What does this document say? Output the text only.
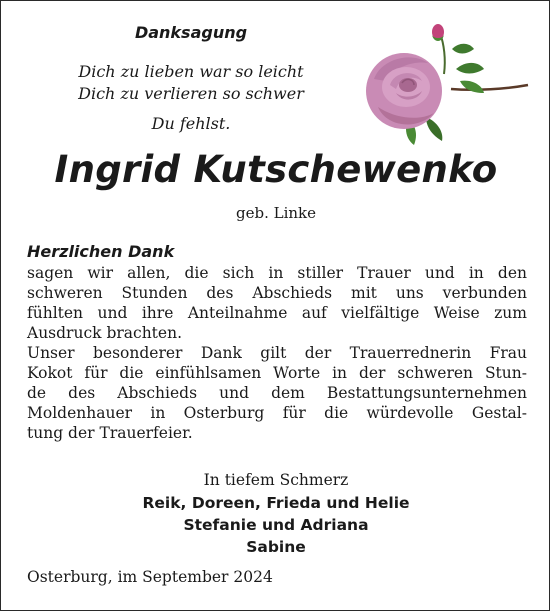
Danksagung
Dich zu lieben war so leicht
Dich zu verlieren so schwer
Du fehlst.
Ingrid Kutschewenko
geb. Linke
Herzlichen Dank
sagen wir allen, die sich in stiller Trauer und in den
schweren Stunden des Abschieds mit uns verbunden
fühlten und ihre Anteilnahme auf vielfältige Weise zum
Ausdruck brachten.
Unser besonderer Dank gilt der Trauerrednerin Frau
Kokot für die einfühlsamen Worte in der schweren Stun-
de des Abschieds und dem Bestattungsunternehmen
Moldenhauer in Osterburg für die würdevolle Gestal-
tung der Trauerfeier.
In tiefem Schmerz
Reik, Doreen, Frieda und Helie
Stefanie und Adriana
Sabine
Osterburg, im September 2024
